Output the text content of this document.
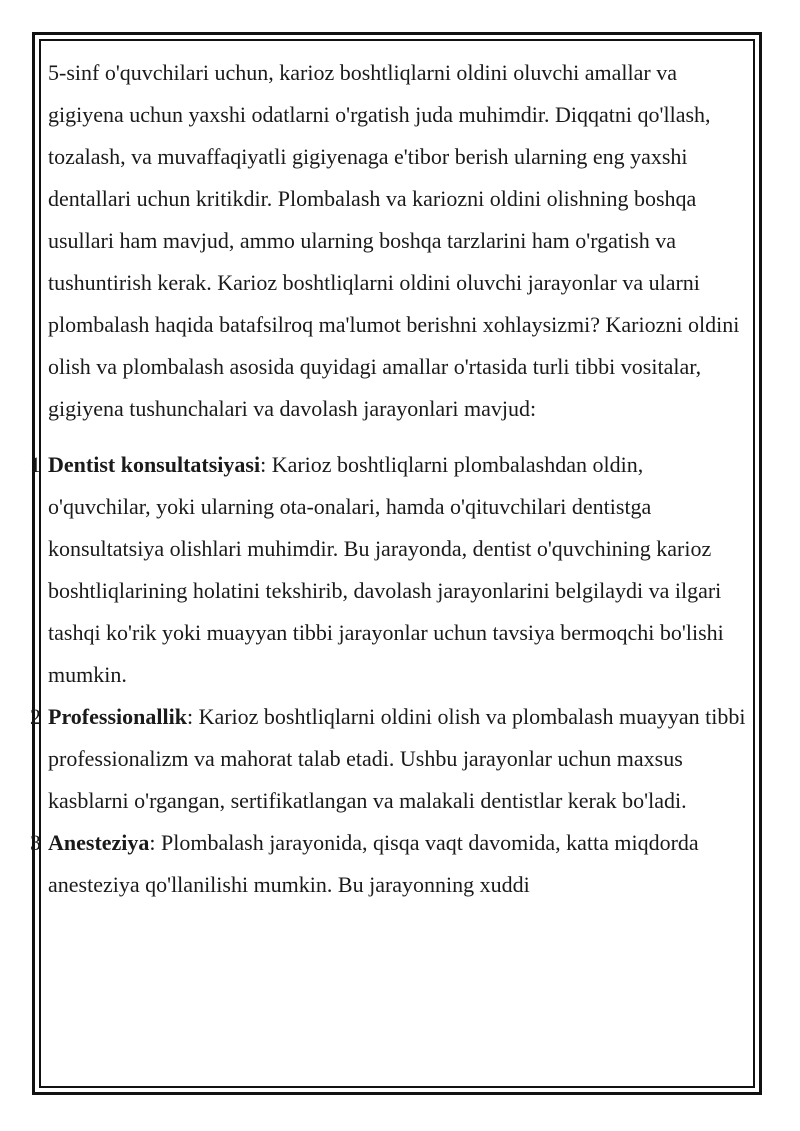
5-sinf o'quvchilari uchun, karioz boshtliqlarni oldini oluvchi amallar va gigiyena uchun yaxshi odatlarni o'rgatish juda muhimdir. Diqqatni qo'llash, tozalash, va muvaffaqiyatli gigiyenaga e'tibor berish ularning eng yaxshi dentallari uchun kritikdir. Plombalash va kariozni oldini olishning boshqa usullari ham mavjud, ammo ularning boshqa tarzlarini ham o'rgatish va tushuntirish kerak. Karioz boshtliqlarni oldini oluvchi jarayonlar va ularni plombalash haqida batafsilroq ma'lumot berishni xohlaysizmi? Kariozni oldini olish va plombalash asosida quyidagi amallar o'rtasida turli tibbi vositalar, gigiyena tushunchalari va davolash jarayonlari mavjud:

1 Dentist konsultatsiyasi: Karioz boshtliqlarni plombalashdan oldin, o'quvchilar, yoki ularning ota-onalari, hamda o'qituvchilari dentistga konsultatsiya olishlari muhimdir. Bu jarayonda, dentist o'quvchining karioz boshtliqlarining holatini tekshirib, davolash jarayonlarini belgilaydi va ilgari tashqi ko'rik yoki muayyan tibbi jarayonlar uchun tavsiya bermoqchi bo'lishi mumkin.
2 Professionallik: Karioz boshtliqlarni oldini olish va plombalash muayyan tibbi professionalizm va mahorat talab etadi. Ushbu jarayonlar uchun maxsus kasblarni o'rgangan, sertifikatlangan va malakali dentistlar kerak bo'ladi.
3 Anesteziya: Plombalash jarayonida, qisqa vaqt davomida, katta miqdorda anesteziya qo'llanilishi mumkin. Bu jarayonning xuddi
